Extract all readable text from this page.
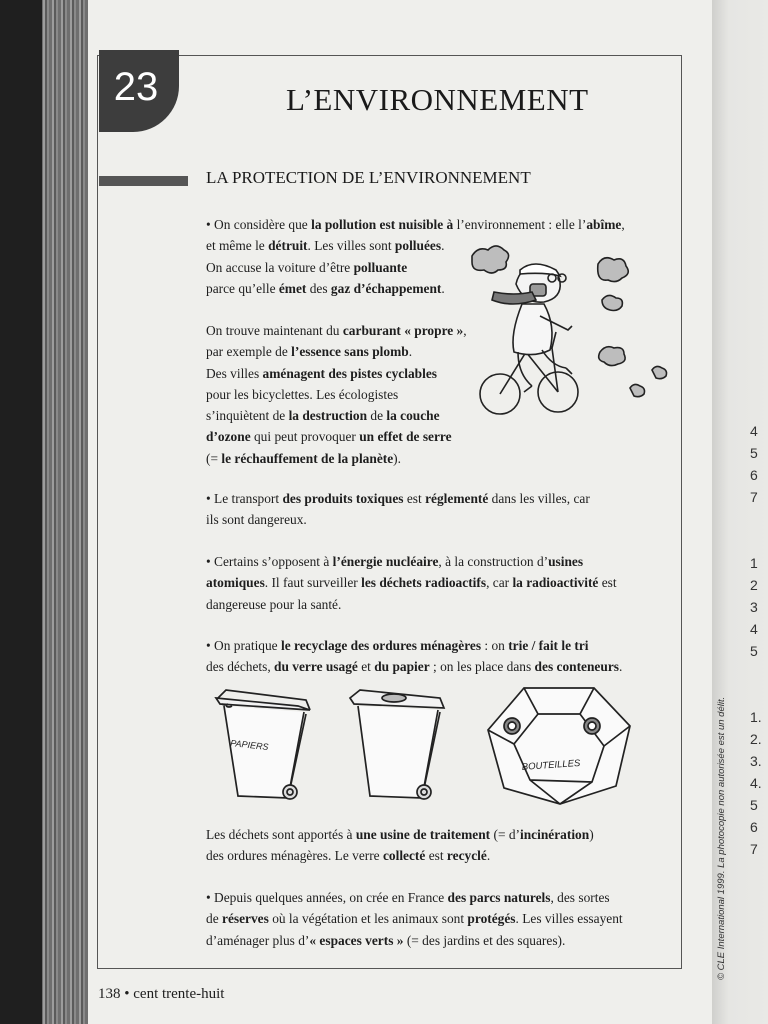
4
5
6
7

1
2
3
4
5

1.
2.
3.
4.
5
6
7
© CLE International 1999. La photocopie non autorisée est un délit.
23	L’ENVIRONNEMENT
LA PROTECTION DE L’ENVIRONNEMENT

• On considère que la pollution est nuisible à l’environnement : elle l’abîme,
et même le détruit. Les villes sont polluées.
On accuse la voiture d’être polluante
parce qu’elle émet des gaz d’échappement.

On trouve maintenant du carburant « propre »,
par exemple de l’essence sans plomb.
Des villes aménagent des pistes cyclables
pour les bicyclettes. Les écologistes
s’inquiètent de la destruction de la couche
d’ozone qui peut provoquer un effet de serre
(= le réchauffement de la planète).

• Le transport des produits toxiques est réglementé dans les villes, car
ils sont dangereux.

• Certains s’opposent à l’énergie nucléaire, à la construction d’usines
atomiques. Il faut surveiller les déchets radioactifs, car la radioactivité est
dangereuse pour la santé.

• On pratique le recyclage des ordures ménagères : on trie / fait le tri
des déchets, du verre usagé et du papier ; on les place dans des conteneurs.

Les déchets sont apportés à une usine de traitement (= d’incinération)
des ordures ménagères. Le verre collecté est recyclé.

• Depuis quelques années, on crée en France des parcs naturels, des sortes
de réserves où la végétation et les animaux sont protégés. Les villes essayent
d’aménager plus d’« espaces verts » (= des jardins et des squares).

PAPIERS
BOUTEILLES
138 • cent trente-huit
